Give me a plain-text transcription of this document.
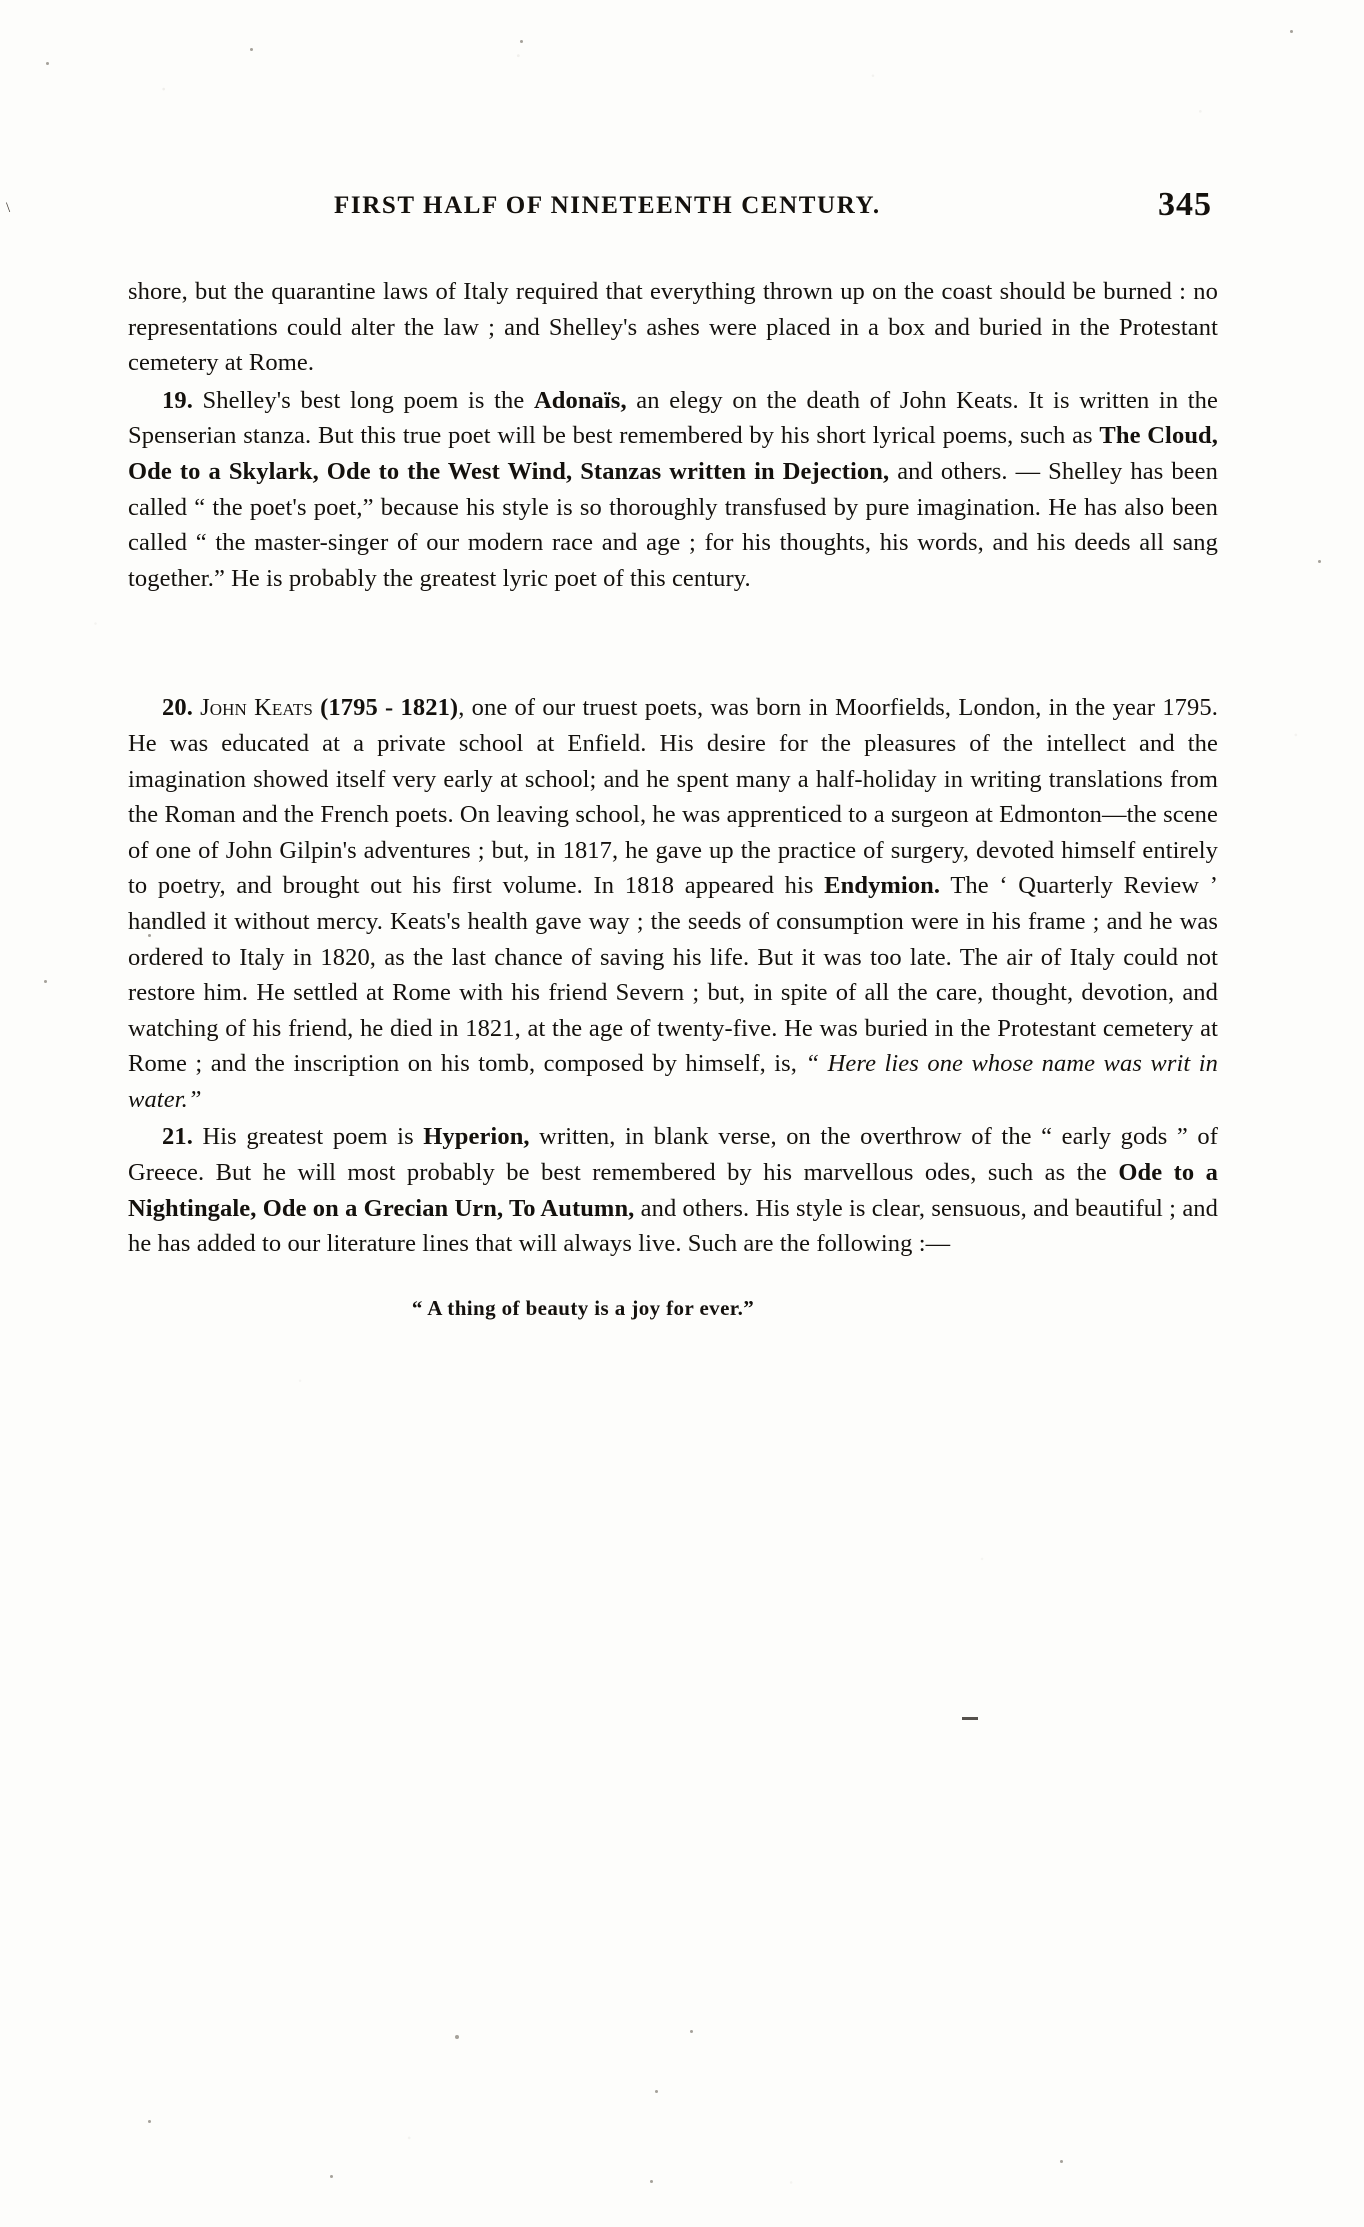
\	FIRST HALF OF NINETEENTH CENTURY.	345

shore, but the quarantine laws of Italy required that everything thrown up on the coast should be burned : no representations could alter the law ; and Shelley's ashes were placed in a box and buried in the Protestant cemetery at Rome.

19. Shelley's best long poem is the Adonaïs, an elegy on the death of John Keats. It is written in the Spenserian stanza. But this true poet will be best remembered by his short lyrical poems, such as The Cloud, Ode to a Skylark, Ode to the West Wind, Stanzas written in Dejection, and others. — Shelley has been called “ the poet's poet,” because his style is so thoroughly transfused by pure imagination. He has also been called “ the master-singer of our modern race and age ; for his thoughts, his words, and his deeds all sang together.” He is probably the greatest lyric poet of this century.

20. John Keats (1795 - 1821), one of our truest poets, was born in Moorfields, London, in the year 1795. He was educated at a private school at Enfield. His desire for the pleasures of the intellect and the imagination showed itself very early at school; and he spent many a half-holiday in writing translations from the Roman and the French poets. On leaving school, he was apprenticed to a surgeon at Edmonton—the scene of one of John Gilpin's adventures ; but, in 1817, he gave up the practice of surgery, devoted himself entirely to poetry, and brought out his first volume. In 1818 appeared his Endymion. The ‘ Quarterly Review ’ handled it without mercy. Keats's health gave way ; the seeds of consumption were in his frame ; and he was ordered to Italy in 1820, as the last chance of saving his life. But it was too late. The air of Italy could not restore him. He settled at Rome with his friend Severn ; but, in spite of all the care, thought, devotion, and watching of his friend, he died in 1821, at the age of twenty-five. He was buried in the Protestant cemetery at Rome ; and the inscription on his tomb, composed by himself, is, “ Here lies one whose name was writ in water.”

21. His greatest poem is Hyperion, written, in blank verse, on the overthrow of the “ early gods ” of Greece. But he will most probably be best remembered by his marvellous odes, such as the Ode to a Nightingale, Ode on a Grecian Urn, To Autumn, and others. His style is clear, sensuous, and beautiful ; and he has added to our literature lines that will always live. Such are the following :—

“ A thing of beauty is a joy for ever.”
